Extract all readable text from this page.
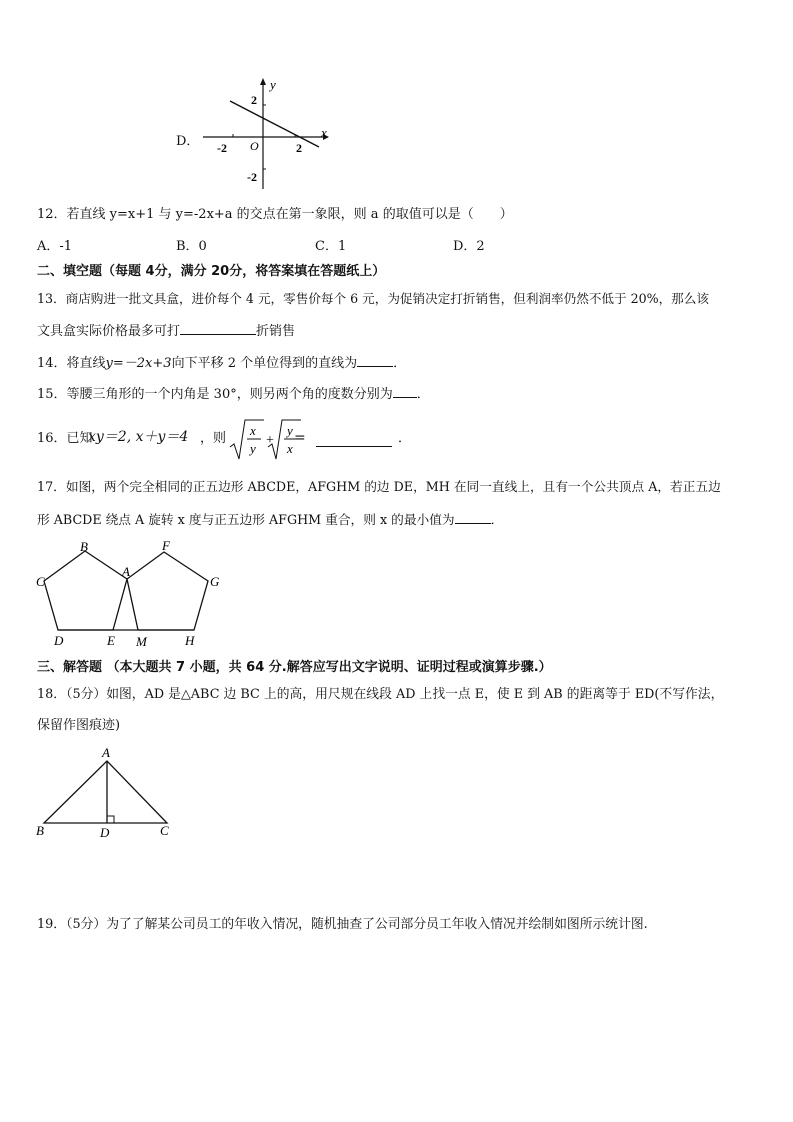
D．
y
x
O
2
-2
-2	2
12．若直线 y=x+1 与 y=-2x+a 的交点在第一象限，则 a 的取值可以是（　　）
A．-1	B．0	C．1	D．2
二、填空题（每题 4分，满分 20分，将答案填在答题纸上）
13．商店购进一批文具盒，进价每个 4 元，零售价每个 6 元，为促销决定打折销售，但利润率仍然不低于 20%，那么该
文具盒实际价格最多可打	折销售
14．将直线y=－2x+3向下平移 2 个单位得到的直线为	．
15．等腰三角形的一个内角是 30°，则另两个角的度数分别为 ．
16．已知
xy＝2, x＋y＝4 ，则
x
y
+
y
x
=	．
17．如图，两个完全相同的正五边形 ABCDE，AFGHM 的边 DE，MH 在同一直线上，且有一个公共顶点 A，若正五边
形 ABCDE 绕点 A 旋转 x 度与正五边形 AFGHM 重合，则 x 的最小值为	．
B	F
C
A
G
D	E M	H
三、解答题 （本大题共 7 小题，共 64 分.解答应写出文字说明、证明过程或演算步骤.）
18．（5分）如图，AD 是△ABC 边 BC 上的高，用尺规在线段 AD 上找一点 E，使 E 到 AB 的距离等于 ED(不写作法，
保留作图痕迹)
A
B	D	C
19．（5分）为了了解某公司员工的年收入情况，随机抽查了公司部分员工年收入情况并绘制如图所示统计图.
